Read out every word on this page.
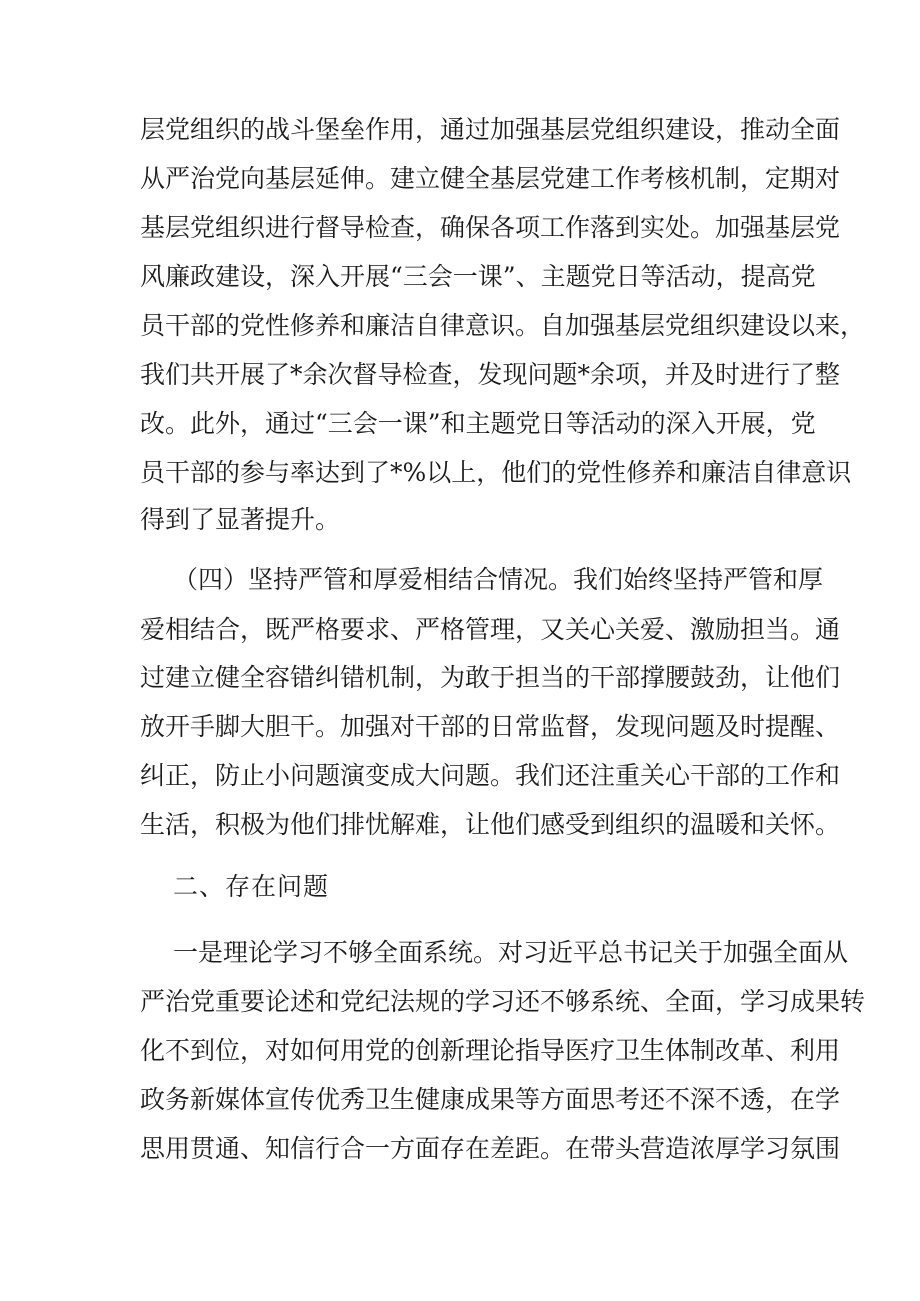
层党组织的战斗堡垒作用，通过加强基层党组织建设，推动全面
从严治党向基层延伸。建立健全基层党建工作考核机制，定期对
基层党组织进行督导检查，确保各项工作落到实处。加强基层党
风廉政建设，深入开展“三会一课”、主题党日等活动，提高党
员干部的党性修养和廉洁自律意识。自加强基层党组织建设以来，
我们共开展了*余次督导检查，发现问题*余项，并及时进行了整
改。此外，通过“三会一课”和主题党日等活动的深入开展，党
员干部的参与率达到了*%以上，他们的党性修养和廉洁自律意识
得到了显著提升。
（四）坚持严管和厚爱相结合情况。我们始终坚持严管和厚
爱相结合，既严格要求、严格管理，又关心关爱、激励担当。通
过建立健全容错纠错机制，为敢于担当的干部撑腰鼓劲，让他们
放开手脚大胆干。加强对干部的日常监督，发现问题及时提醒、
纠正，防止小问题演变成大问题。我们还注重关心干部的工作和
生活，积极为他们排忧解难，让他们感受到组织的温暖和关怀。
二、存在问题
一是理论学习不够全面系统。对习近平总书记关于加强全面从
严治党重要论述和党纪法规的学习还不够系统、全面，学习成果转
化不到位，对如何用党的创新理论指导医疗卫生体制改革、利用
政务新媒体宣传优秀卫生健康成果等方面思考还不深不透，在学
思用贯通、知信行合一方面存在差距。在带头营造浓厚学习氛围
